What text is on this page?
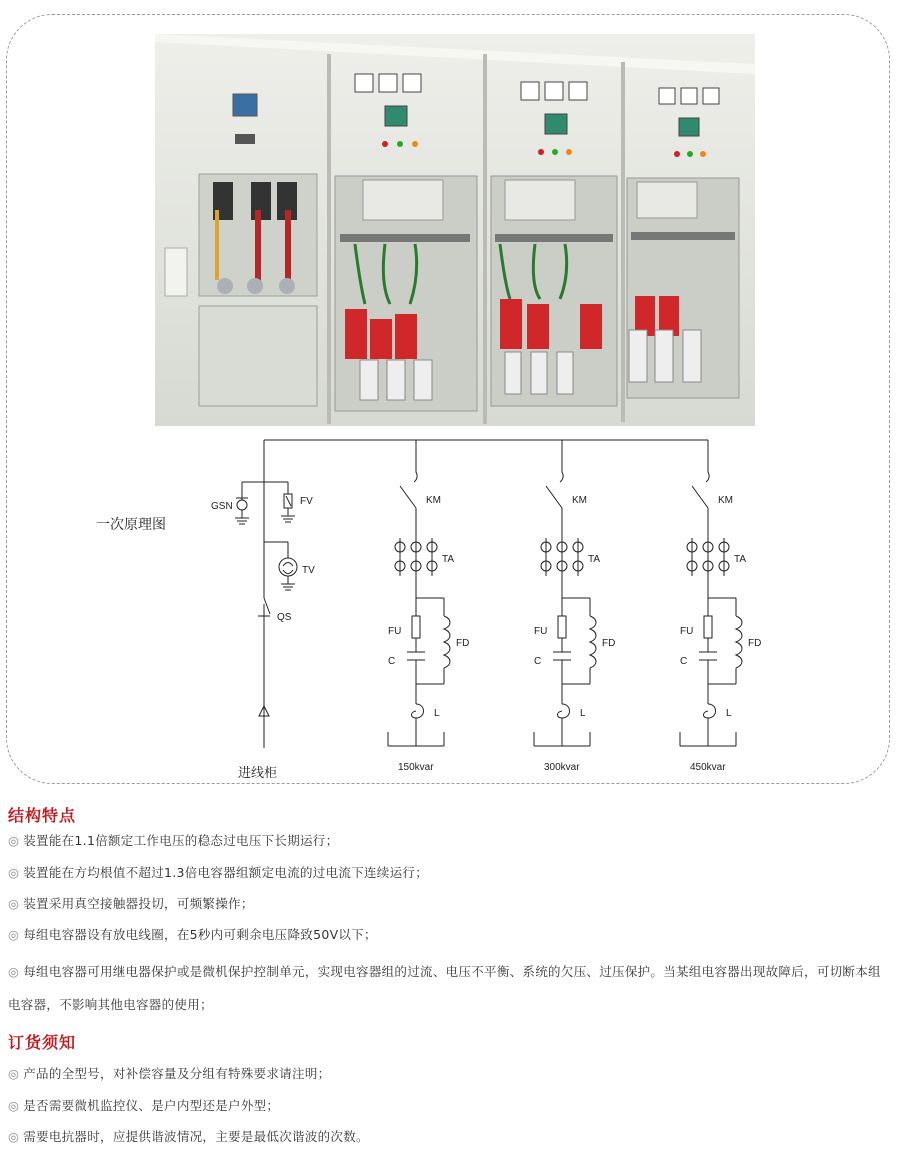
GSN	FV
TV
QS
KM
TA
FU
C
FD
L
150kvar
KM
TA
FU
C
FD
L
300kvar
KM
TA
FU
C
FD
L
450kvar
一次原理图
进线柜
结构特点
◎ 装置能在1.1倍额定工作电压的稳态过电压下长期运行；
◎ 装置能在方均根值不超过1.3倍电容器组额定电流的过电流下连续运行；
◎ 装置采用真空接触器投切，可频繁操作；
◎ 每组电容器设有放电线圈，在5秒内可剩余电压降致50V以下；
◎ 每组电容器可用继电器保护或是微机保护控制单元，实现电容器组的过流、电压不平衡、系统的欠压、过压保护。当某组电容器出现故障后，可切断本组电容器，不影响其他电容器的使用；
订货须知
◎ 产品的全型号，对补偿容量及分组有特殊要求请注明；
◎ 是否需要微机监控仪、是户内型还是户外型；
◎ 需要电抗器时，应提供谐波情况，主要是最低次谐波的次数。
